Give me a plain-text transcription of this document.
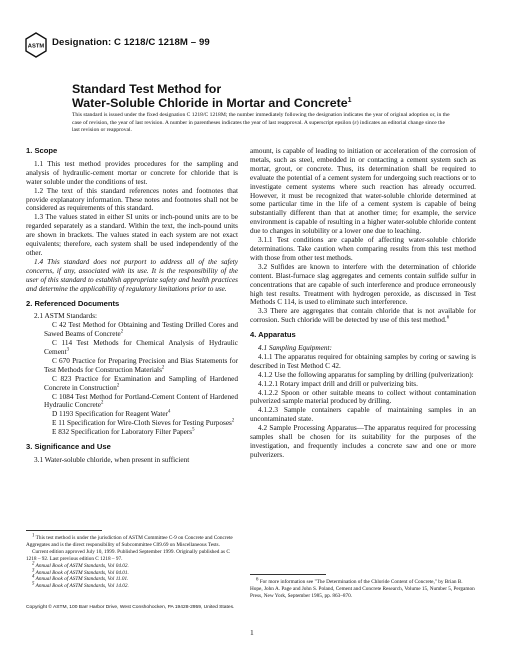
ASTM Designation: C 1218/C 1218M – 99
Standard Test Method for
Water-Soluble Chloride in Mortar and Concrete$^1$
This standard is issued under the fixed designation C 1218/C 1218M; the number immediately following the designation indicates the year of original adoption or, in the case of revision, the year of last revision. A number in parentheses indicates the year of last reapproval. A superscript epsilon (ε) indicates an editorial change since the last revision or reapproval.
1. Scope

1.1 This test method provides procedures for the sampling and analysis of hydraulic-cement mortar or concrete for chloride that is water soluble under the conditions of test.

1.2 The text of this standard references notes and footnotes that provide explanatory information. These notes and footnotes shall not be considered as requirements of this standard.

1.3 The values stated in either SI units or inch-pound units are to be regarded separately as a standard. Within the text, the inch-pound units are shown in brackets. The values stated in each system are not exact equivalents; therefore, each system shall be used independently of the other.

1.4 This standard does not purport to address all of the safety concerns, if any, associated with its use. It is the responsibility of the user of this standard to establish appropriate safety and health practices and determine the applicability of regulatory limitations prior to use.

2. Referenced Documents

2.1 ASTM Standards:

C 42 Test Method for Obtaining and Testing Drilled Cores and Sawed Beams of Concrete$^2$

C 114 Test Methods for Chemical Analysis of Hydraulic Cement$^3$

C 670 Practice for Preparing Precision and Bias Statements for Test Methods for Construction Materials$^2$

C 823 Practice for Examination and Sampling of Hardened Concrete in Construction$^2$

C 1084 Test Method for Portland-Cement Content of Hardened Hydraulic Concrete$^2$

D 1193 Specification for Reagent Water$^4$

E 11 Specification for Wire-Cloth Sieves for Testing Purposes$^2$

E 832 Specification for Laboratory Filter Papers$^5$

3. Significance and Use

3.1 Water-soluble chloride, when present in sufficient

amount, is capable of leading to initiation or acceleration of the corrosion of metals, such as steel, embedded in or contacting a cement system such as mortar, grout, or concrete. Thus, its determination shall be required to evaluate the potential of a cement system for undergoing such reactions or to investigate cement systems where such reaction has already occurred. However, it must be recognized that water-soluble chloride determined at some particular time in the life of a cement system is capable of being substantially different than that at another time; for example, the service environment is capable of resulting in a higher water-soluble chloride content due to changes in solubility or a lower one due to leaching.

3.1.1 Test conditions are capable of affecting water-soluble chloride determinations. Take caution when comparing results from this test method with those from other test methods.

3.2 Sulfides are known to interfere with the determination of chloride content. Blast-furnace slag aggregates and cements contain sulfide sulfur in concentrations that are capable of such interference and produce erroneously high test results. Treatment with hydrogen peroxide, as discussed in Test Methods C 114, is used to eliminate such interference.

3.3 There are aggregates that contain chloride that is not available for corrosion. Such chloride will be detected by use of this test method.$^6$

4. Apparatus

4.1 Sampling Equipment:

4.1.1 The apparatus required for obtaining samples by coring or sawing is described in Test Method C 42.

4.1.2 Use the following apparatus for sampling by drilling (pulverization):

4.1.2.1 Rotary impact drill and drill or pulverizing bits.

4.1.2.2 Spoon or other suitable means to collect without contamination pulverized sample material produced by drilling.

4.1.2.3 Sample containers capable of maintaining samples in an uncontaminated state.

4.2 Sample Processing Apparatus—The apparatus required for processing samples shall be chosen for its suitability for the purposes of the investigation, and frequently includes a concrete saw and one or more pulverizers.

$^1$ This test method is under the jurisdiction of ASTM Committee C-9 on Concrete and Concrete Aggregates and is the direct responsibility of Subcommittee C09.69 on Miscellaneous Tests.

Current edition approved July 10, 1999. Published September 1999. Originally published as C 1218 – 92. Last previous edition C 1218 – 97.

$^2$ Annual Book of ASTM Standards, Vol 04.02.

$^3$ Annual Book of ASTM Standards, Vol 04.01.

$^4$ Annual Book of ASTM Standards, Vol 11.01.

$^5$ Annual Book of ASTM Standards, Vol 14.02.

$^6$ For more information see "The Determination of the Chloride Content of Concrete," by Brian B. Hope, John A. Page and John S. Poland, Cement and Concrete Research, Volume 15, Number 5, Pergamon Press, New York, September 1985, pp. 863–870.

Copyright © ASTM, 100 Barr Harbor Drive, West Conshohocken, PA 19428-2959, United States.
1
